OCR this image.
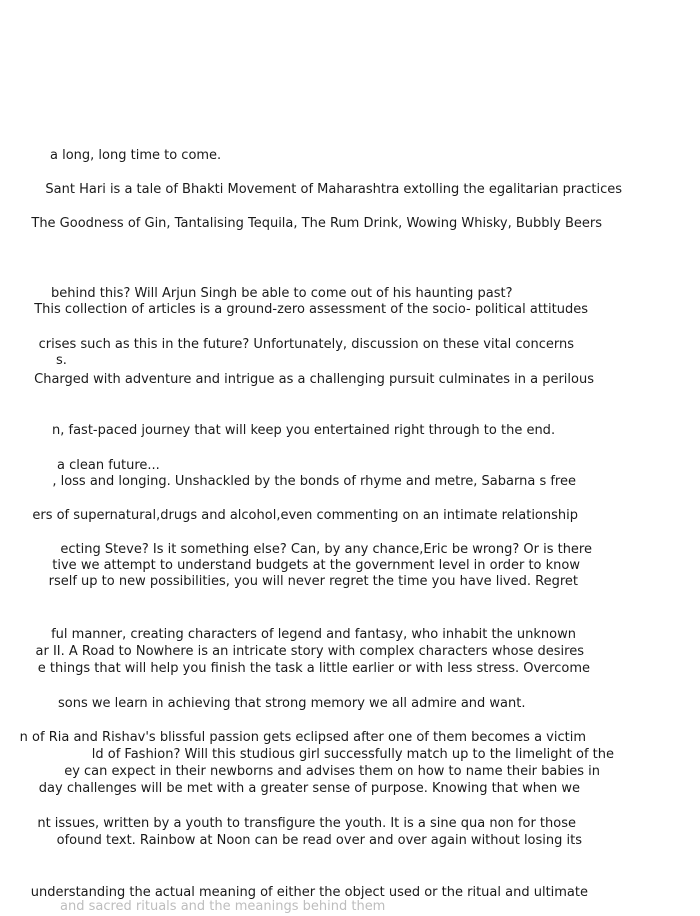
a long, long time to come.
Sant Hari is a tale of Bhakti Movement of Maharashtra extolling the egalitarian practices
The Goodness of Gin, Tantalising Tequila, The Rum Drink, Wowing Whisky, Bubbly Beers
behind this? Will Arjun Singh be able to come out of his haunting past?
This collection of articles is a ground-zero assessment of the socio- political attitudes
crises such as this in the future? Unfortunately, discussion on these vital concerns
s.
Charged with adventure and intrigue as a challenging pursuit culminates in a perilous
n, fast-paced journey that will keep you entertained right through to the end.
a clean future...
, loss and longing. Unshackled by the bonds of rhyme and metre, Sabarna s free
ers of supernatural,drugs and alcohol,even commenting on an intimate relationship
ecting Steve? Is it something else? Can, by any chance,Eric be wrong? Or is there
tive we attempt to understand budgets at the government level in order to know
rself up to new possibilities, you will never regret the time you have lived. Regret
ful manner, creating characters of legend and fantasy, who inhabit the unknown
ar II. A Road to Nowhere is an intricate story with complex characters whose desires
e things that will help you finish the task a little earlier or with less stress. Overcome
sons we learn in achieving that strong memory we all admire and want.
n of Ria and Rishav's blissful passion gets eclipsed after one of them becomes a victim
ld of Fashion? Will this studious girl successfully match up to the limelight of the
ey can expect in their newborns and advises them on how to name their babies in
day challenges will be met with a greater sense of purpose. Knowing that when we
nt issues, written by a youth to transfigure the youth. It is a sine qua non for those
ofound text. Rainbow at Noon can be read over and over again without losing its
understanding the actual meaning of either the object used or the ritual and ultimate
and sacred rituals and the meanings behind them
